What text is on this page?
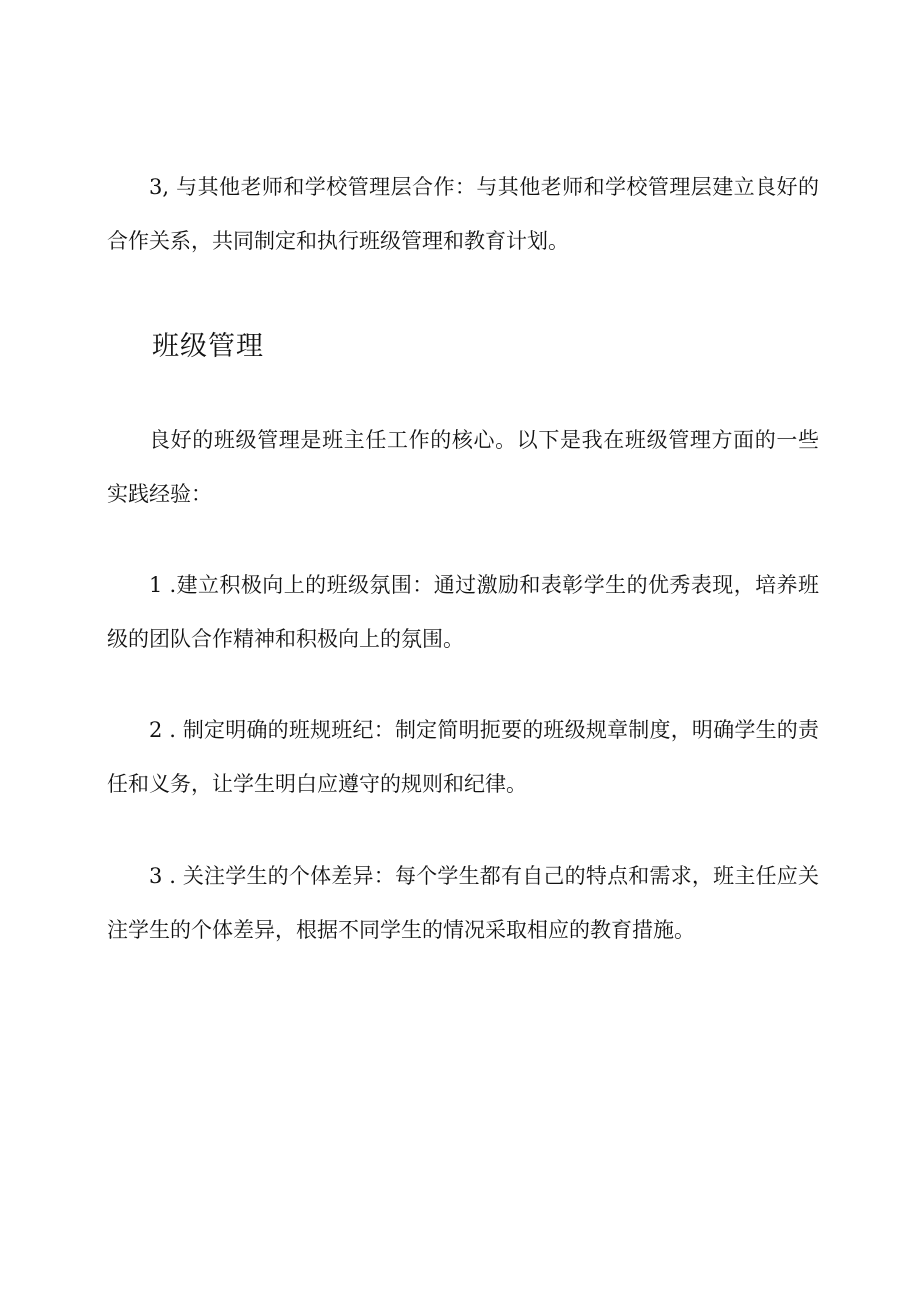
3, 与其他老师和学校管理层合作：与其他老师和学校管理层建立良好的合作关系，共同制定和执行班级管理和教育计划。

班级管理

良好的班级管理是班主任工作的核心。以下是我在班级管理方面的一些实践经验：

1 .建立积极向上的班级氛围：通过激励和表彰学生的优秀表现，培养班级的团队合作精神和积极向上的氛围。

2 . 制定明确的班规班纪：制定简明扼要的班级规章制度，明确学生的责任和义务，让学生明白应遵守的规则和纪律。

3 . 关注学生的个体差异：每个学生都有自己的特点和需求，班主任应关注学生的个体差异，根据不同学生的情况采取相应的教育措施。
